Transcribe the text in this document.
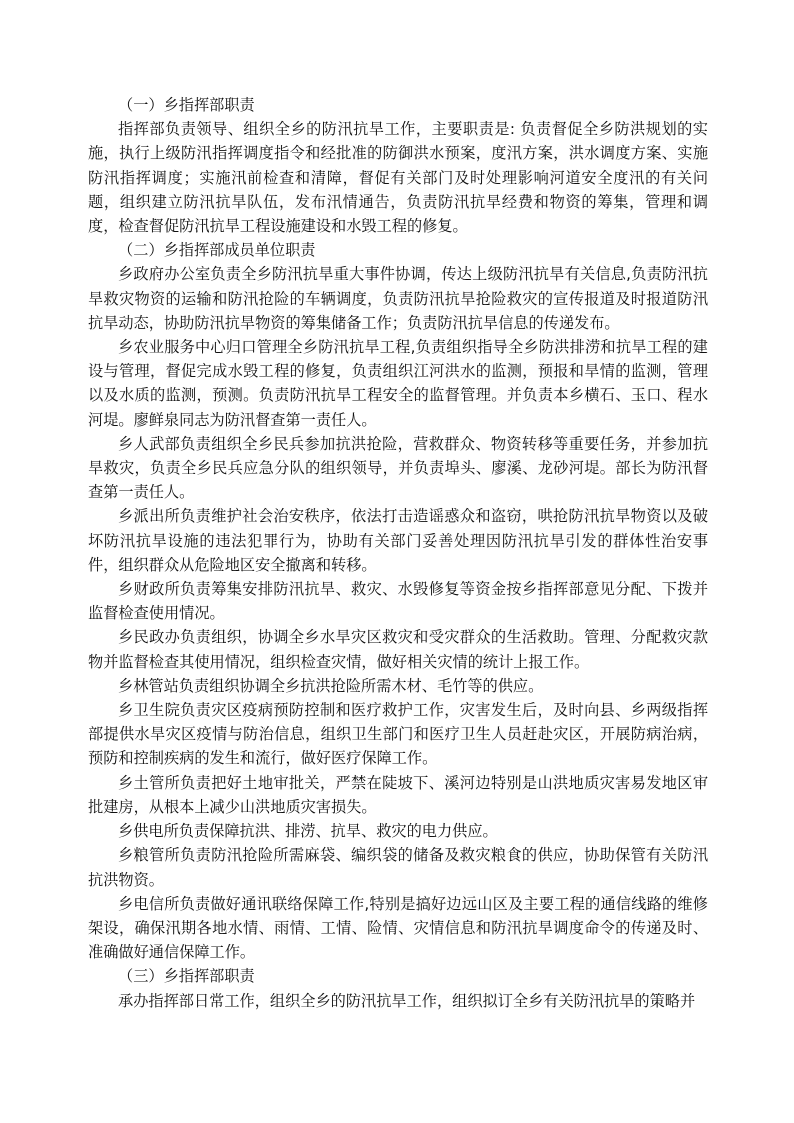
（一）乡指挥部职责

指挥部负责领导、组织全乡的防汛抗旱工作，主要职责是: 负责督促全乡防洪规划的实施，执行上级防汛指挥调度指令和经批准的防御洪水预案，度汛方案，洪水调度方案、实施防汛指挥调度；实施汛前检查和清障，督促有关部门及时处理影响河道安全度汛的有关问题，组织建立防汛抗旱队伍，发布汛情通告，负责防汛抗旱经费和物资的筹集，管理和调度，检查督促防汛抗旱工程设施建设和水毁工程的修复。

（二）乡指挥部成员单位职责

乡政府办公室负责全乡防汛抗旱重大事件协调，传达上级防汛抗旱有关信息,负责防汛抗旱救灾物资的运输和防汛抢险的车辆调度，负责防汛抗旱抢险救灾的宣传报道及时报道防汛抗旱动态，协助防汛抗旱物资的筹集储备工作；负责防汛抗旱信息的传递发布。

乡农业服务中心归口管理全乡防汛抗旱工程,负责组织指导全乡防洪排涝和抗旱工程的建设与管理，督促完成水毁工程的修复，负责组织江河洪水的监测，预报和旱情的监测，管理以及水质的监测，预测。负责防汛抗旱工程安全的监督管理。并负责本乡横石、玉口、程水河堤。廖鲜泉同志为防汛督查第一责任人。

乡人武部负责组织全乡民兵参加抗洪抢险，营救群众、物资转移等重要任务，并参加抗旱救灾，负责全乡民兵应急分队的组织领导，并负责埠头、廖溪、龙砂河堤。部长为防汛督查第一责任人。

乡派出所负责维护社会治安秩序，依法打击造谣惑众和盗窃，哄抢防汛抗旱物资以及破坏防汛抗旱设施的违法犯罪行为，协助有关部门妥善处理因防汛抗旱引发的群体性治安事件，组织群众从危险地区安全撤离和转移。

乡财政所负责筹集安排防汛抗旱、救灾、水毁修复等资金按乡指挥部意见分配、下拨并监督检查使用情况。

乡民政办负责组织，协调全乡水旱灾区救灾和受灾群众的生活救助。管理、分配救灾款物并监督检查其使用情况，组织检查灾情，做好相关灾情的统计上报工作。

乡林管站负责组织协调全乡抗洪抢险所需木材、毛竹等的供应。

乡卫生院负责灾区疫病预防控制和医疗救护工作，灾害发生后，及时向县、乡两级指挥部提供水旱灾区疫情与防治信息，组织卫生部门和医疗卫生人员赶赴灾区，开展防病治病，预防和控制疾病的发生和流行，做好医疗保障工作。

乡土管所负责把好土地审批关，严禁在陡坡下、溪河边特别是山洪地质灾害易发地区审批建房，从根本上减少山洪地质灾害损失。

乡供电所负责保障抗洪、排涝、抗旱、救灾的电力供应。

乡粮管所负责防汛抢险所需麻袋、编织袋的储备及救灾粮食的供应，协助保管有关防汛抗洪物资。

乡电信所负责做好通讯联络保障工作,特别是搞好边远山区及主要工程的通信线路的维修架设，确保汛期各地水情、雨情、工情、险情、灾情信息和防汛抗旱调度命令的传递及时、准确做好通信保障工作。

（三）乡指挥部职责

承办指挥部日常工作，组织全乡的防汛抗旱工作，组织拟订全乡有关防汛抗旱的策略并
